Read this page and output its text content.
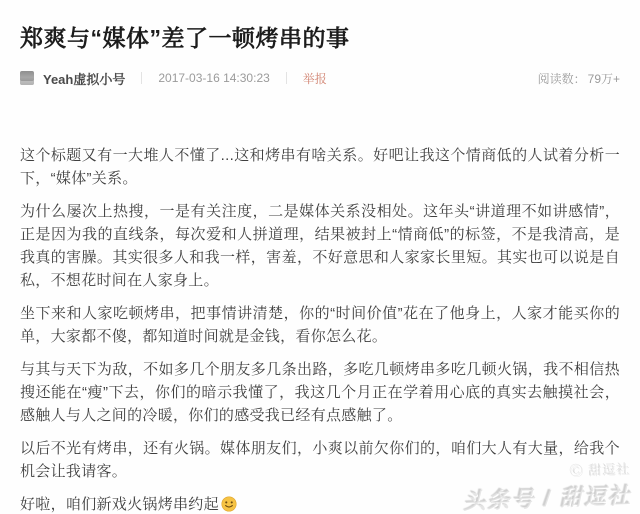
郑爽与“媒体”差了一顿烤串的事
Yeah虚拟小号	2017-03-16 14:30:23	举报	阅读数： 79万+

这个标题又有一大堆人不懂了...这和烤串有啥关系。好吧让我这个情商低的人试着分析一下，“媒体”关系。

为什么屡次上热搜，一是有关注度，二是媒体关系没相处。这年头“讲道理不如讲感情”，正是因为我的直线条，每次爱和人拼道理，结果被封上“情商低”的标签，不是我清高，是我真的害臊。其实很多人和我一样，害羞，不好意思和人家家长里短。其实也可以说是自私，不想花时间在人家身上。

坐下来和人家吃顿烤串，把事情讲清楚，你的“时间价值”花在了他身上，人家才能买你的单，大家都不傻，都知道时间就是金钱，看你怎么花。

与其与天下为敌，不如多几个朋友多几条出路，多吃几顿烤串多吃几顿火锅，我不相信热搜还能在“瘦”下去，你们的暗示我懂了，我这几个月正在学着用心底的真实去触摸社会，感触人与人之间的冷暖，你们的感受我已经有点感触了。

以后不光有烤串，还有火锅。媒体朋友们，小爽以前欠你们的，咱们大人有大量，给我个机会让我请客。

好啦，咱们新戏火锅烤串约起

Ⓒ 甜逗社
头条号 / 甜逗社
